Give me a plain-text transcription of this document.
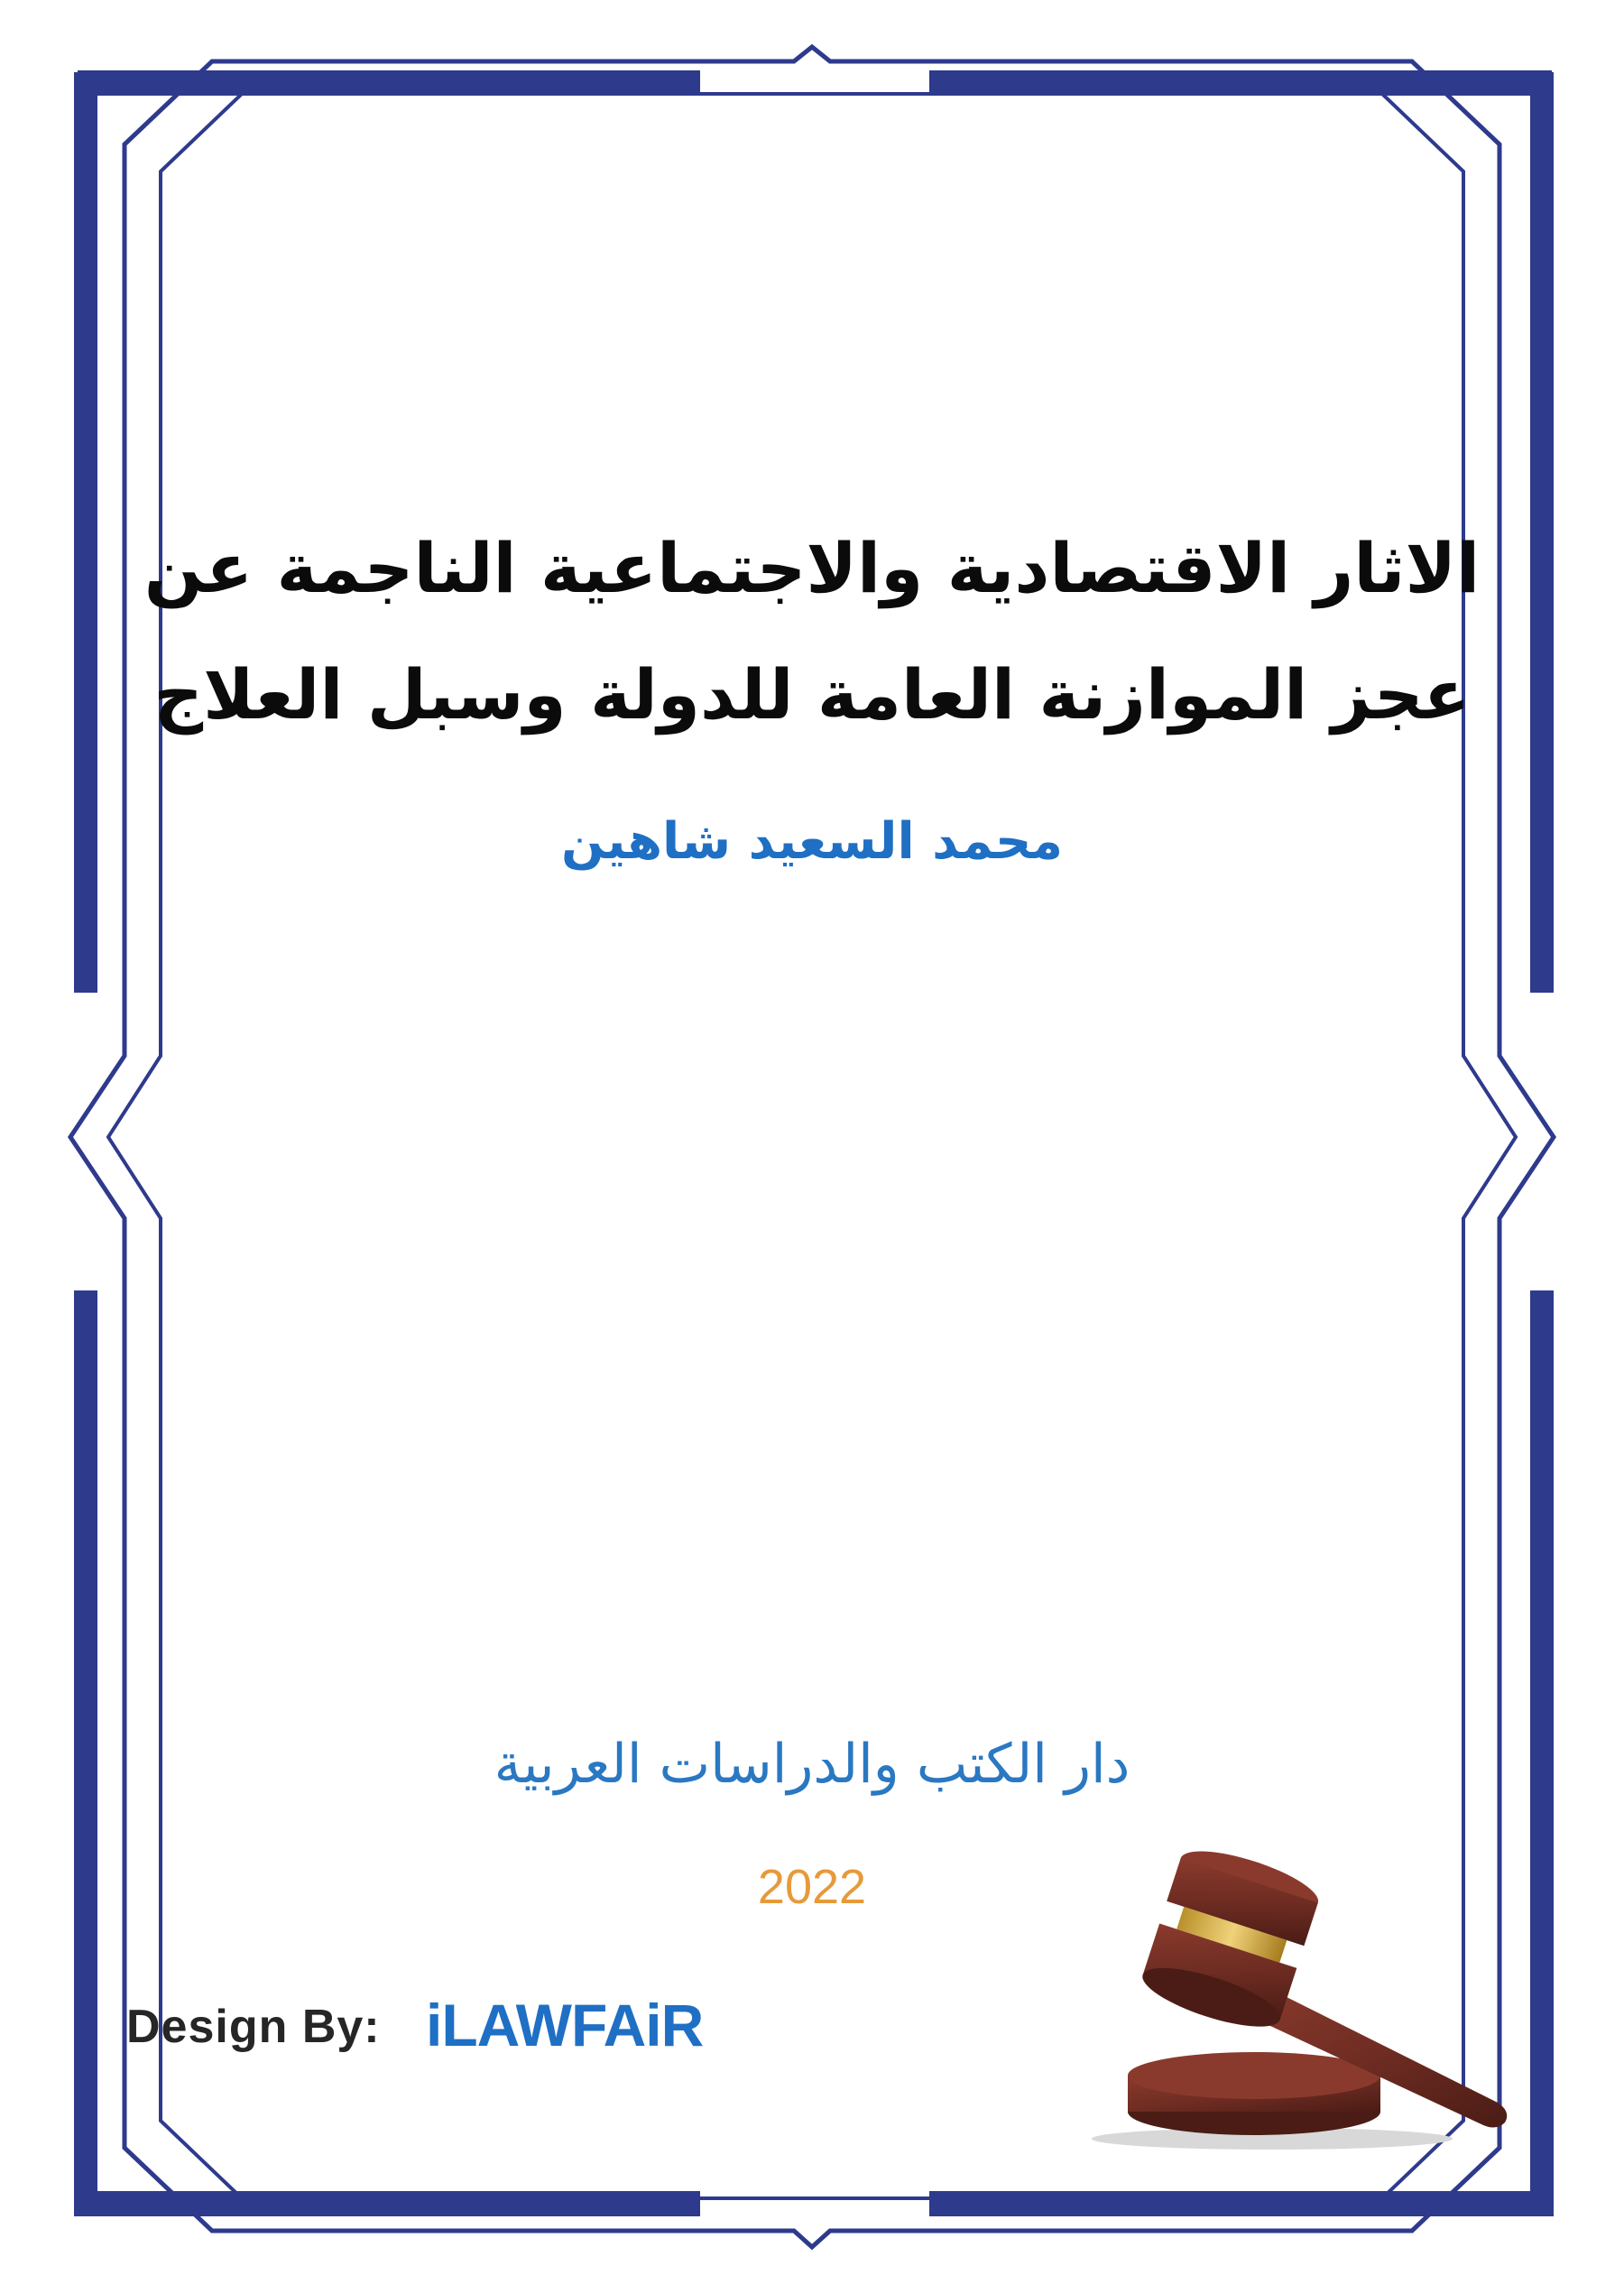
الاثار الاقتصادية والاجتماعية الناجمة عن
عجز الموازنة العامة للدولة وسبل العلاج
محمد السعيد شاهين
دار الكتب والدراسات العربية
2022
Design By: iLAWFAiR
